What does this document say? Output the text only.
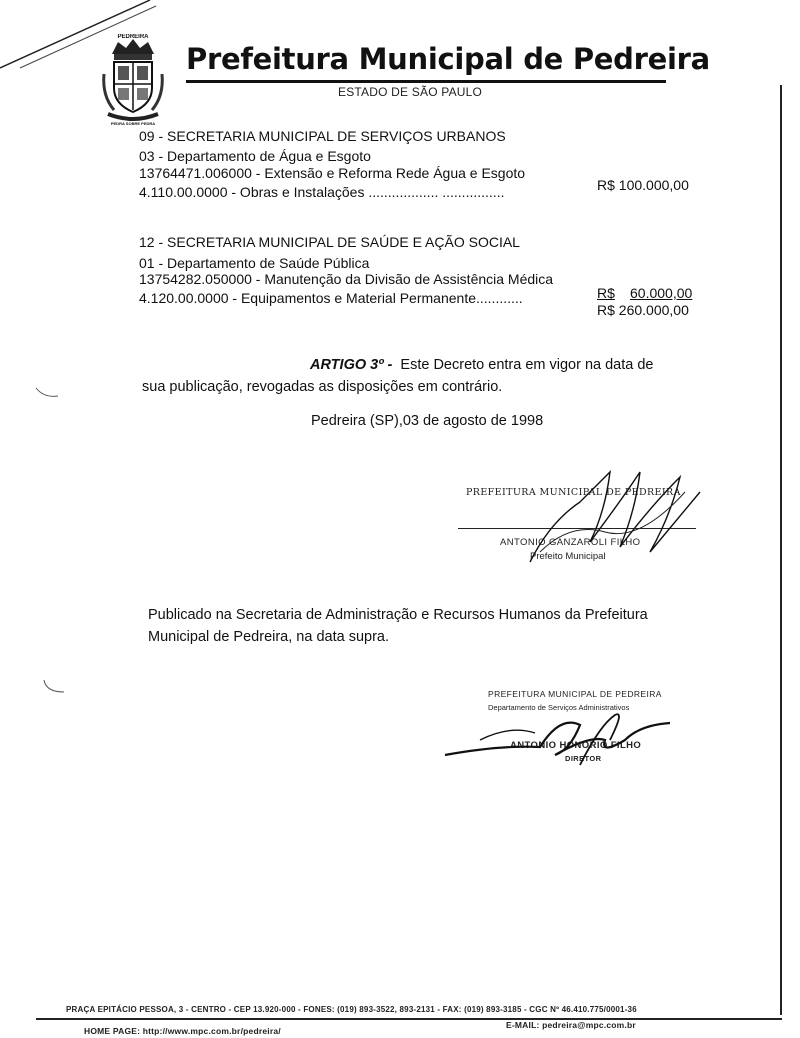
PEDREIRA
PEDRA SOBRE PEDRA
Prefeitura Municipal de Pedreira
ESTADO DE SÃO PAULO
09 - SECRETARIA MUNICIPAL DE SERVIÇOS URBANOS
03 - Departamento de Água e Esgoto
13764471.006000 - Extensão e Reforma Rede Água e Esgoto
4.110.00.0000 - Obras e Instalações .................. ................	R$ 100.000,00
12 - SECRETARIA MUNICIPAL DE SAÚDE E AÇÃO SOCIAL
01 - Departamento de Saúde Pública
13754282.050000 - Manutenção da Divisão de Assistência Médica
4.120.00.0000 - Equipamentos e Material Permanente............	R$ 60.000,00
R$ 260.000,00
ARTIGO 3º - Este Decreto entra em vigor na data de
sua publicação, revogadas as disposições em contrário.
Pedreira (SP),03 de agosto de 1998
PREFEITURA MUNICIPAL DE PEDREIRA
ANTONIO GANZAROLI FILHO
Prefeito Municipal
Publicado na Secretaria de Administração e Recursos Humanos da Prefeitura
Municipal de Pedreira, na data supra.
PREFEITURA MUNICIPAL DE PEDREIRA
Departamento de Serviços Administrativos
ANTONIO HONORIO FILHO
DIRETOR
PRAÇA EPITÁCIO PESSOA, 3 - CENTRO - CEP 13.920-000 - FONES: (019) 893-3522, 893-2131 - FAX: (019) 893-3185 - CGC Nº 46.410.775/0001-36
HOME PAGE: http://www.mpc.com.br/pedreira/
E-MAIL: pedreira@mpc.com.br
